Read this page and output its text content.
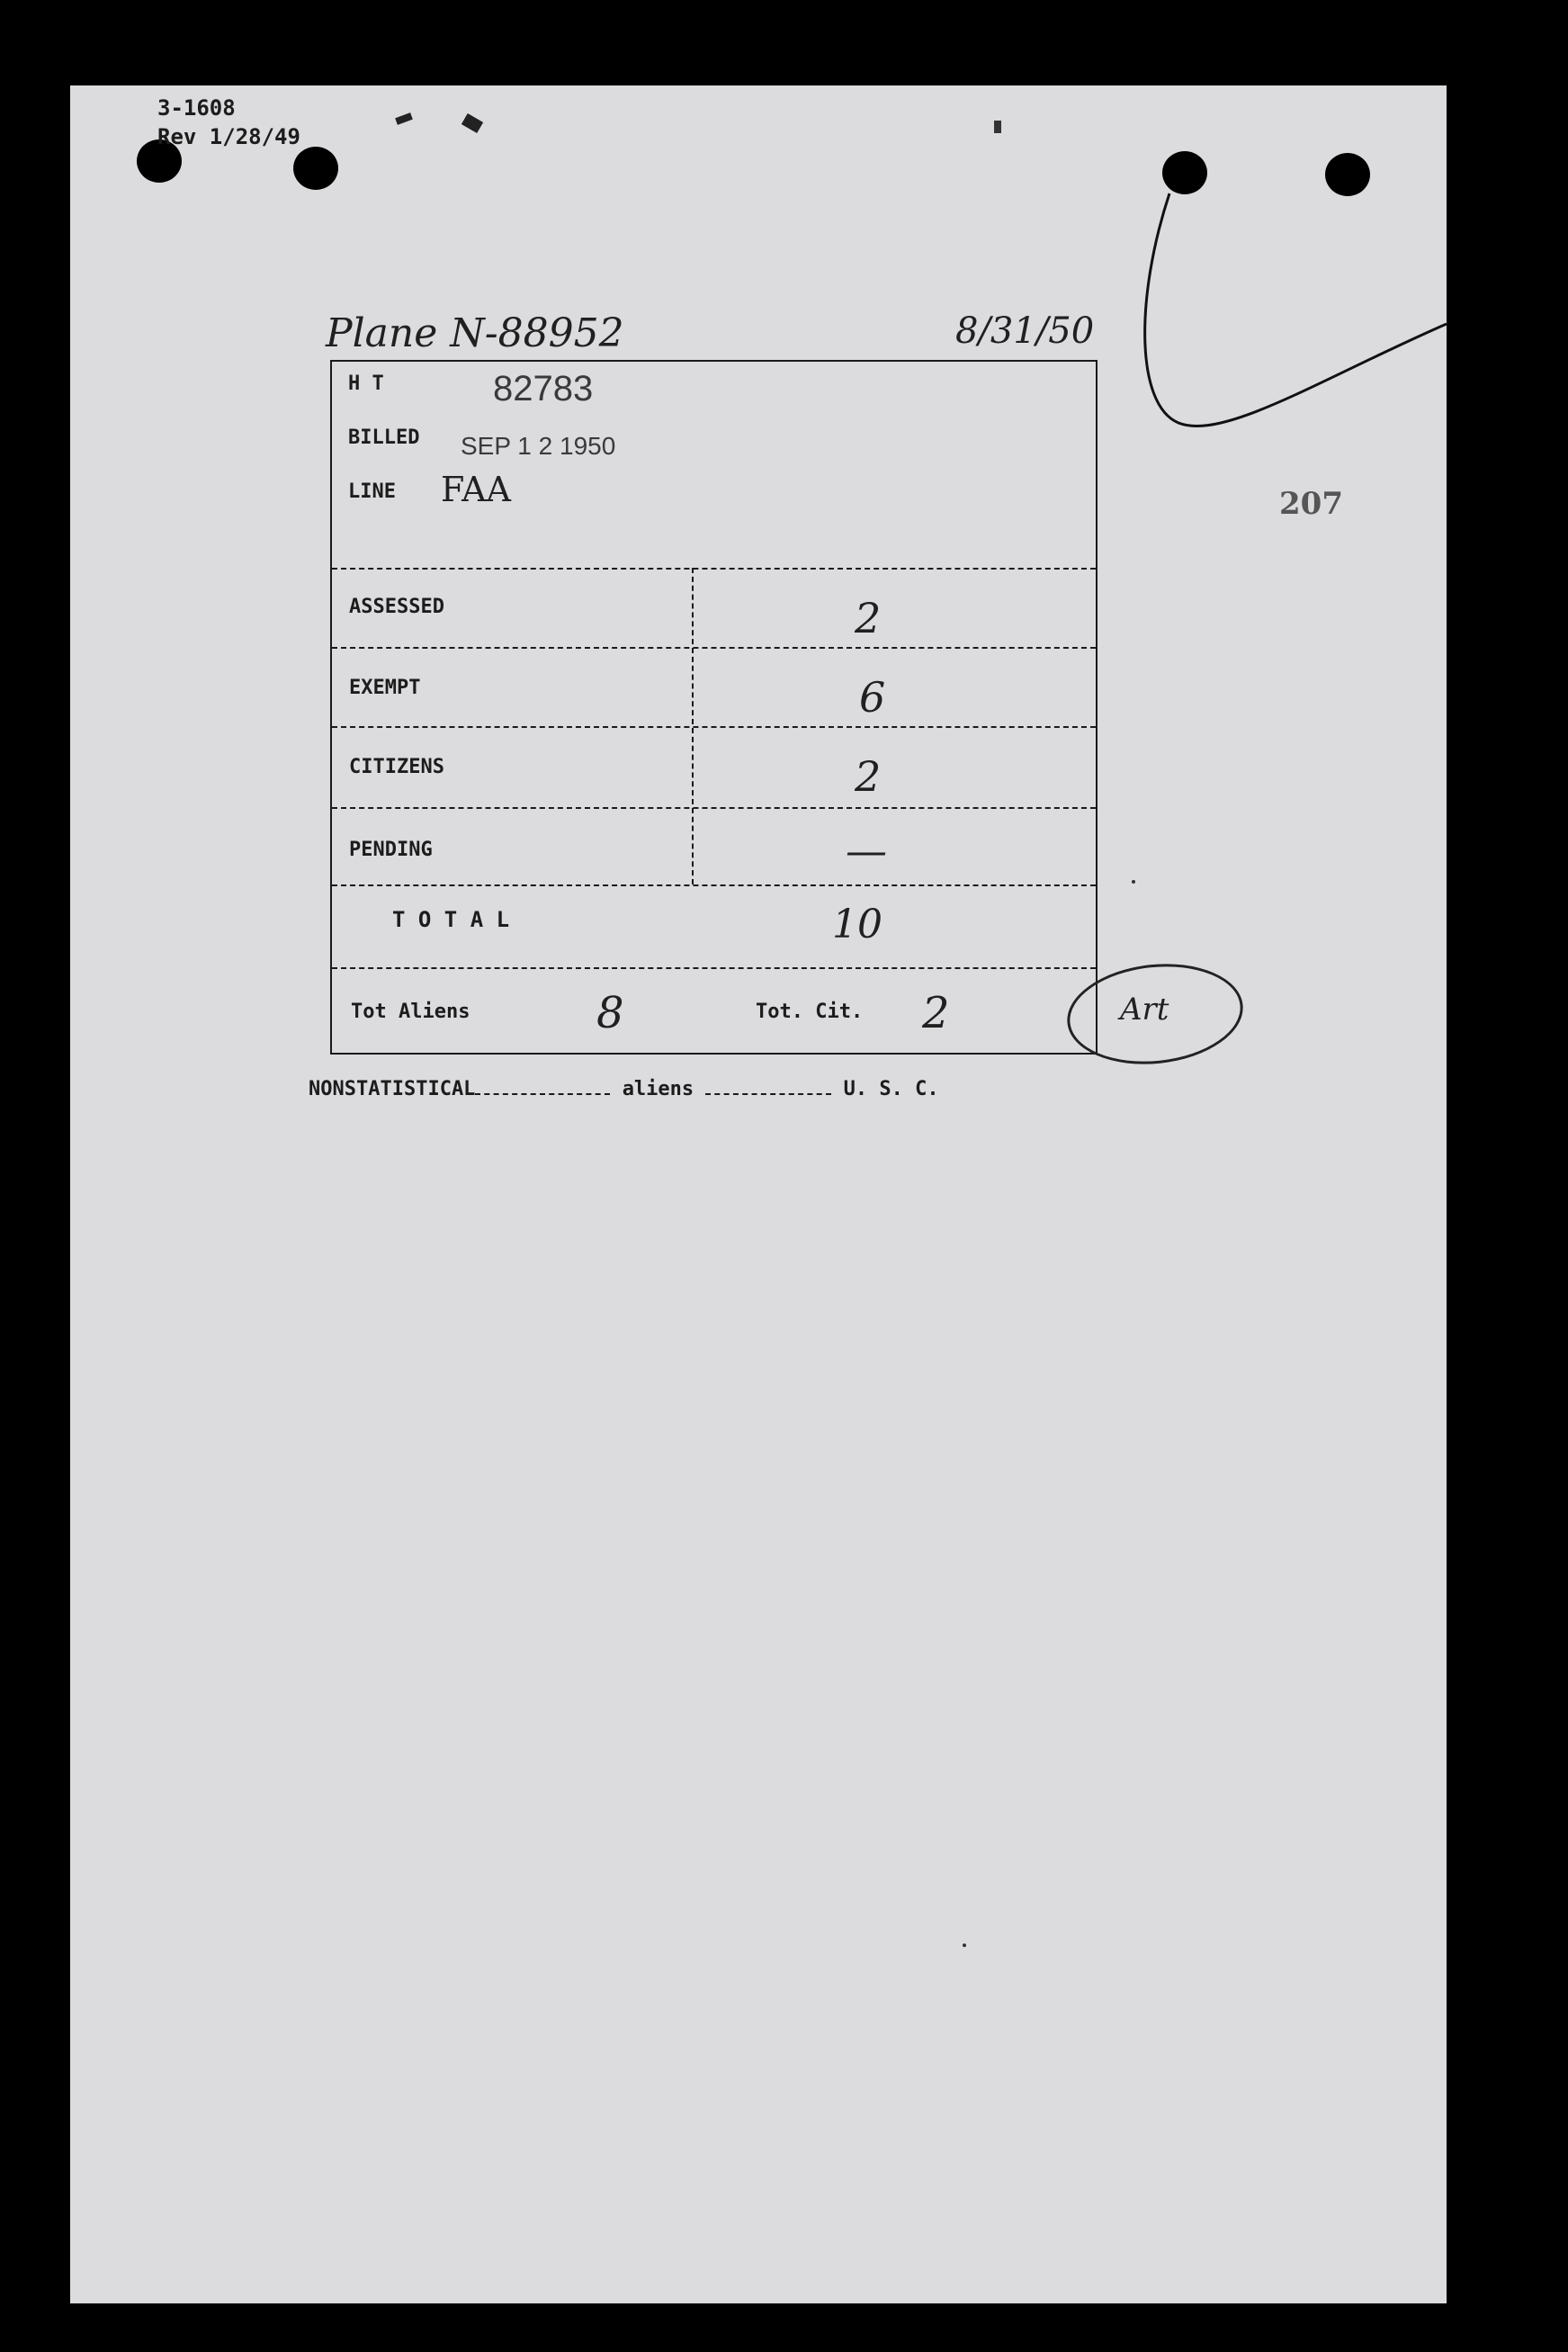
3-1608
Rev 1/28/49
207
Plane N-88952	8/31/50
H T	82783
BILLED SEP 1 2 1950
LINE FAA
ASSESSED	2
EXEMPT	6
CITIZENS	2
PENDING	—
T O T A L	10
Tot Aliens	8	Tot. Cit. 2	Art
NONSTATISTICAL	aliens	U. S. C.
